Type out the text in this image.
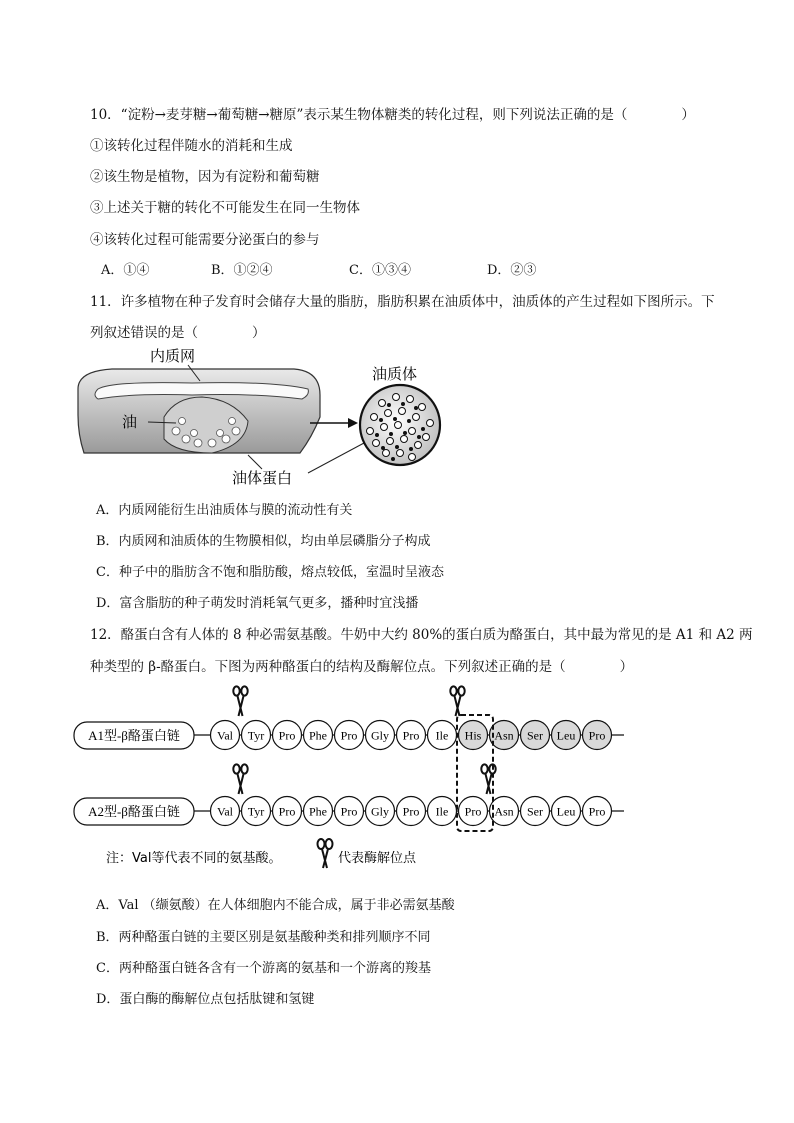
10．“淀粉→麦芽糖→葡萄糖→糖原”表示某生物体糖类的转化过程，则下列说法正确的是（　　　　）
①该转化过程伴随水的消耗和生成
②该生物是植物，因为有淀粉和葡萄糖
③上述关于糖的转化不可能发生在同一生物体
④该转化过程可能需要分泌蛋白的参与
A．①④	B．①②④	C．①③④	D．②③
11．许多植物在种子发育时会储存大量的脂肪，脂肪积累在油质体中，油质体的产生过程如下图所示。下
列叙述错误的是（　　　　）
内质网
油
油体蛋白
油质体
A．内质网能衍生出油质体与膜的流动性有关
B．内质网和油质体的生物膜相似，均由单层磷脂分子构成
C．种子中的脂肪含不饱和脂肪酸，熔点较低，室温时呈液态
D．富含脂肪的种子萌发时消耗氧气更多，播种时宜浅播
12．酪蛋白含有人体的 8 种必需氨基酸。牛奶中大约 80%的蛋白质为酪蛋白，其中最为常见的是 A1 和 A2 两
种类型的 β-酪蛋白。下图为两种酪蛋白的结构及酶解位点。下列叙述正确的是（　　　　）
A1型-β酪蛋白链
A2型-β酪蛋白链
Val Tyr Pro Phe Pro Gly Pro Ile His Asn Ser Leu Pro
Val Tyr Pro Phe Pro Gly Pro Ile Pro Asn Ser Leu Pro
注：Val等代表不同的氨基酸。	代表酶解位点
A．Val （缬氨酸）在人体细胞内不能合成，属于非必需氨基酸
B．两种酪蛋白链的主要区别是氨基酸种类和排列顺序不同
C．两种酪蛋白链各含有一个游离的氨基和一个游离的羧基
D．蛋白酶的酶解位点包括肽键和氢键
